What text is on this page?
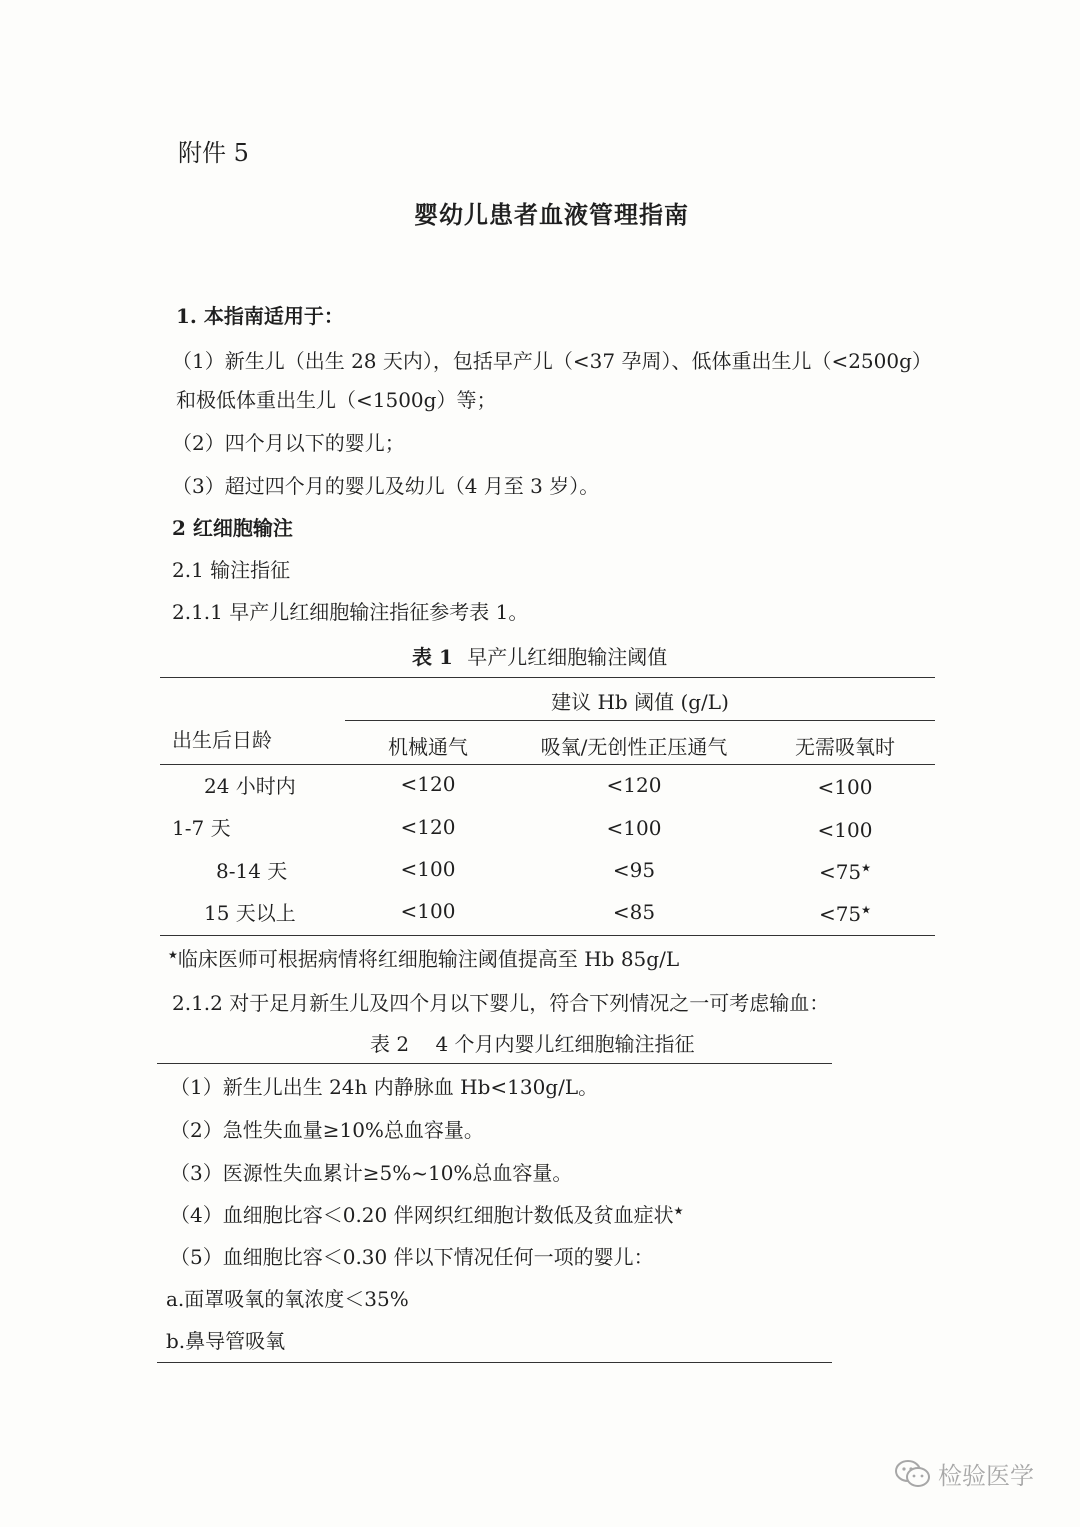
附件 5
婴幼儿患者血液管理指南
1. 本指南适用于：
（1）新生儿（出生 28 天内），包括早产儿（<37 孕周）、低体重出生儿（<2500g）
和极低体重出生儿（<1500g）等；
（2）四个月以下的婴儿；
（3）超过四个月的婴儿及幼儿（4 月至 3 岁）。
2 红细胞输注
2.1 输注指征
2.1.1 早产儿红细胞输注指征参考表 1。
表 1 早产儿红细胞输注阈值
建议 Hb 阈值 (g/L)
出生后日龄	机械通气	吸氧/无创性正压通气	无需吸氧时
24 小时内	<120	<120	<100
1-7 天	<120	<100	<100
8-14 天	<100	<95	<75★
15 天以上	<100	<85	<75★
★临床医师可根据病情将红细胞输注阈值提高至 Hb 85g/L
2.1.2 对于足月新生儿及四个月以下婴儿，符合下列情况之一可考虑输血：
表 2　 4 个月内婴儿红细胞输注指征
（1）新生儿出生 24h 内静脉血 Hb<130g/L。
（2）急性失血量≥10%总血容量。
（3）医源性失血累计≥5%~10%总血容量。
（4）血细胞比容＜0.20 伴网织红细胞计数低及贫血症状★
（5）血细胞比容＜0.30 伴以下情况任何一项的婴儿：
a.面罩吸氧的氧浓度＜35%
b.鼻导管吸氧
检验医学
